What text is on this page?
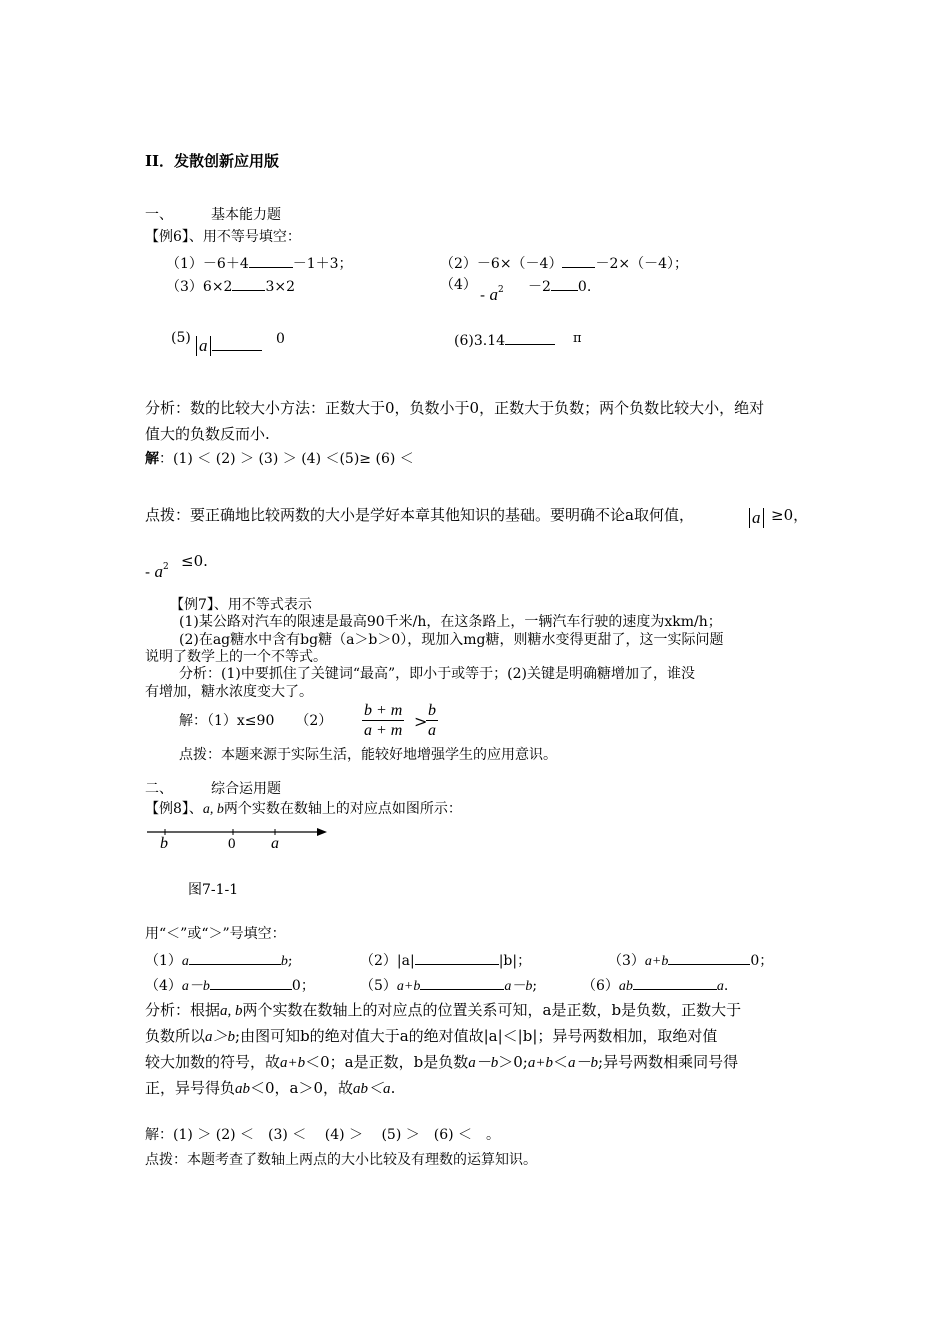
II．发散创新应用版
一、	基本能力题
【例6】、用不等号填空：
（1）－6＋4	－1＋3；	（2）－6×（－4） －2×（－4）；
（3）6×2 3×2	（4）
- $a^2 -2$ 0.
(5) a	0	(6)3.14	π
分析：数的比较大小方法：正数大于0，负数小于0，正数大于负数；两个负数比较大小，绝对
值大的负数反而小.
解：(1) ＜ (2) ＞ (3) ＞ (4) ＜(5)≥ (6) ＜
点拨：要正确地比较两数的大小是学好本章其他知识的基础。要明确不论a取何值，	a ≥0，
- $a^2 \le 0$.
【例7】、用不等式表示
(1)某公路对汽车的限速是最高90千米/h，在这条路上，一辆汽车行驶的速度为xkm/h；
(2)在ag糖水中含有bg糖（a＞b＞0），现加入mg糖，则糖水变得更甜了，这一实际问题
说明了数学上的一个不等式。
分析：(1)中要抓住了关键词“最高”，即小于或等于；(2)关键是明确糖增加了，谁没
有增加，糖水浓度变大了。
解：（1）x≤90　　$(2) \frac{b + m}{a + m}$ >
$\frac{b}{a}$
点拨：本题来源于实际生活，能较好地增强学生的应用意识。
二、	综合运用题
【例8】、a, b两个实数在数轴上的对应点如图所示：
b	0 a
图7-1-1
用“＜”或“＞”号填空：
（1）a	b;	（2）|a|	|b|；	（3）a+b	0；
（4）a－b	0；	（5）a+b	a－b;	（6）ab	a.
分析：根据a, b两个实数在数轴上的对应点的位置关系可知，a是正数，b是负数，正数大于
负数所以a＞b;由图可知b的绝对值大于a的绝对值故|a|＜|b|；异号两数相加，取绝对值
较大加数的符号，故a+b＜0；a是正数，b是负数a－b＞0;a+b＜a－b;异号两数相乘同号得
正，异号得负ab＜0，a＞0，故ab＜a.
解：(1) ＞ (2) ＜　(3) ＜　 (4) ＞　 (5) ＞　(6) ＜　。
点拨：本题考查了数轴上两点的大小比较及有理数的运算知识。
